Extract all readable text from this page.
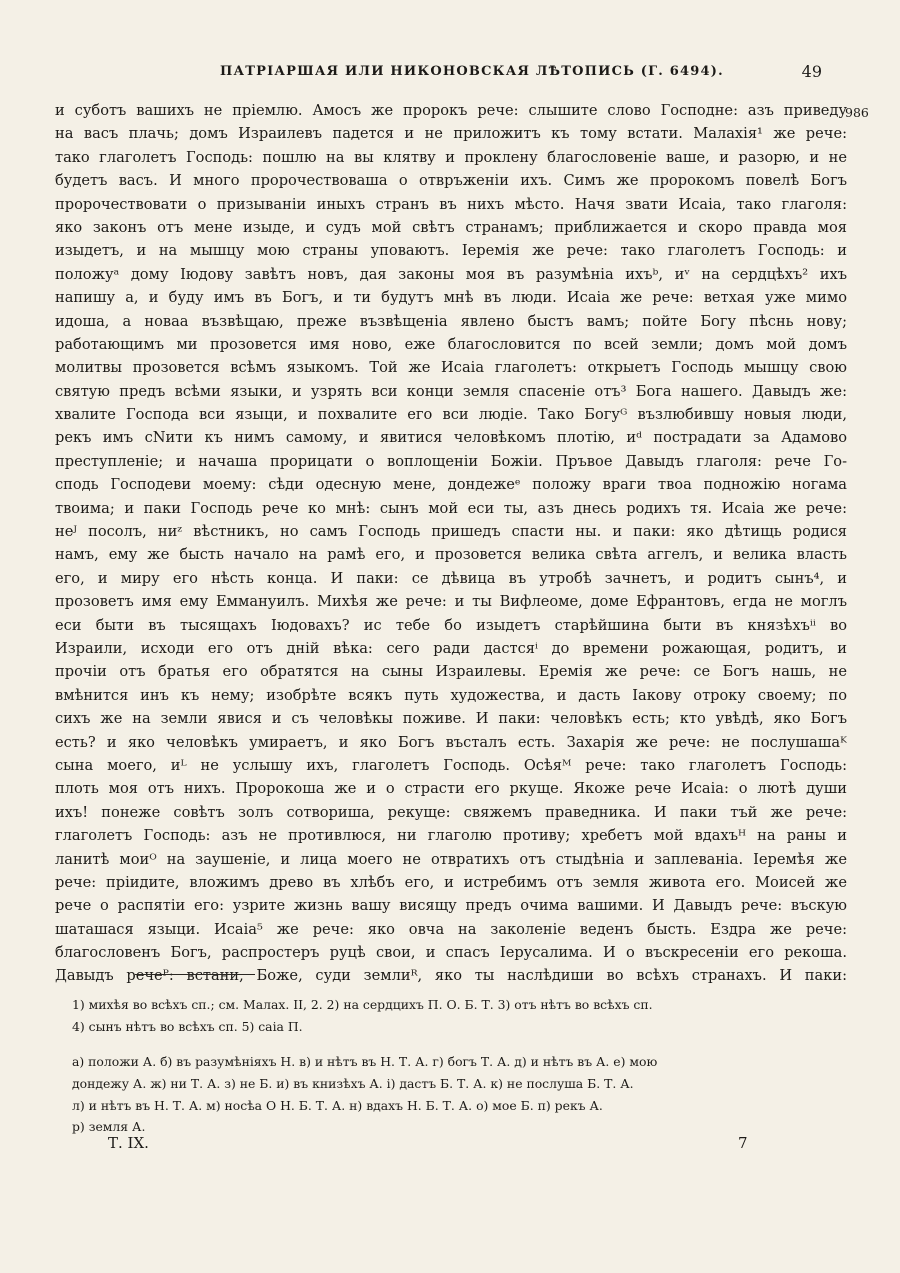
ПАТРІАРШАЯ ИЛИ НИКОНОВСКАЯ ЛѢТОПИСЬ (Г. 6494).	49
986
и суботъ вашихъ не пріемлю. Амосъ же пророкъ рече: слышите слово Господне: азъ приведу
на васъ плачь; домъ Израилевъ падется и не приложитъ къ тому встати. Малахія¹ же рече:
тако глаголетъ Господь: пошлю на вы клятву и проклену благословеніе ваше, и разорю, и не
будетъ васъ. И много пророчествоваша о отвръженіи ихъ. Симъ же пророкомъ повелѣ Богъ
пророчествовати о призываніи иныхъ странъ въ нихъ мѣсто. Начя звати Исаіа, тако глаголя:
яко законъ отъ мене изыде, и судъ мой свѣтъ странамъ; приближается и скоро правда моя
изыдетъ, и на мышцу мою страны уповаютъ. Іеремія же рече: тако глаголетъ Господь: и
положуᵃ дому Іюдову завѣтъ новъ, дая законы моя въ разумѣніа ихъᵇ, иᵛ на сердцѣхъ² ихъ
напишу а, и буду имъ въ Богъ, и ти будутъ мнѣ въ люди. Исаіа же рече: ветхая уже мимо
идоша, а новаа възвѣщаю, преже възвѣщеніа явлено быстъ вамъ; пойте Богу пѣснь нову;
работающимъ ми прозовется имя ново, еже благословится по всей земли; домъ мой домъ
молитвы прозовется всѣмъ языкомъ. Той же Исаіа глаголетъ: открыетъ Господь мышцу свою
святую предъ всѣми языки, и узрять вси конци земля спасеніе отъ³ Бога нашего. Давыдъ же:
хвалите Господа вси языци, и похвалите его вси людіе. Тако Богуᴳ възлюбившу новыя люди,
рекъ имъ сNити къ нимъ самому, и явитися человѣкомъ плотію, иᵈ пострадати за Адамово
преступленіе; и начаша прорицати о воплощеніи Божіи. Пръвое Давыдъ глаголя: рече Го-
сподь Господеви моему: сѣди одесную мене, дондежеᵉ положу враги твоа подножію ногама
твоима; и паки Господь рече ко мнѣ: сынъ мой еси ты, азъ днесь родихъ тя. Исаіа же рече:
неᴶ посолъ, ниᶻ вѣстникъ, но самъ Господь пришедъ спасти ны. и паки: яко дѣтищь родися
намъ, ему же бысть начало на рамѣ его, и прозовется велика свѣта аггелъ, и велика власть
его, и миру его нѣсть конца. И паки: се дѣвица въ утробѣ зачнетъ, и родитъ сынъ⁴, и
прозоветъ имя ему Еммануилъ. Михѣя же рече: и ты Вифлеоме, доме Ефрантовъ, егда не моглъ
еси быти въ тысящахъ Іюдовахъ? ис тебе бо изыдетъ старѣйшина быти въ князѣхъⁱⁱ во
Израили, исходи его отъ дній вѣка: сего ради дастсяⁱ до времени рожающая, родитъ, и
прочіи отъ братья его обратятся на сыны Израилевы. Еремія же рече: се Богъ нашь, не
вмѣнится инъ къ нему; изобрѣте всякъ путь художества, и дасть Іакову отроку своему; по
сихъ же на земли явися и съ человѣкы поживе. И паки: человѣкъ есть; кто увѣдѣ, яко Богъ
есть? и яко человѣкъ умираетъ, и яко Богъ въсталъ есть. Захарія же рече: не послушашаᴷ
сына моего, иᴸ не услышу ихъ, глаголетъ Господь. Осѣяᴹ рече: тако глаголетъ Господь:
плоть моя отъ нихъ. Пророкоша же и о страсти его ркуще. Якоже рече Исаіа: о лютѣ души
ихъ! понеже совѣтъ золъ сотвориша, рекуще: свяжемъ праведника. И паки тъй же рече:
глаголетъ Господь: азъ не противлюся, ни глаголю противу; хребетъ мой вдахъᴴ на раны и
ланитѣ моиᴼ на заушеніе, и лица моего не отвратихъ отъ стыдѣніа и заплеваніа. Іеремѣя же
рече: пріидите, вложимъ древо въ хлѣбъ его, и истребимъ отъ земля живота его. Моисей же
рече о распятіи его: узрите жизнь вашу висящу предъ очима вашими. И Давыдъ рече: въскую
шаташася языци. Исаіа⁵ же рече: яко овча на заколеніе веденъ бысть. Ездра же рече:
благословенъ Богъ, распростеръ руцѣ свои, и спасъ Іерусалима. И о въскресеніи его рекоша.
Давыдъ речеᴾ: встани, Боже, суди землиᴿ, яко ты наслѣдиши во всѣхъ странахъ. И паки:
1) михѣя во всѣхъ сп.; см. Малах. II, 2. 2) на сердцихъ П. О. Б. Т. 3) отъ нѣтъ во всѣхъ сп.
4) сынъ нѣтъ во всѣхъ сп. 5) саіа П.
а) положи А. б) въ разумѣніяхъ Н. в) и нѣтъ въ Н. Т. А. г) богъ Т. А. д) и нѣтъ въ А. е) мою
дондежу А. ж) ни Т. А. з) не Б. и) въ книзѣхъ А. і) дастъ Б. Т. А. к) не послуша Б. Т. А.
л) и нѣтъ въ Н. Т. А. м) носѣа О Н. Б. Т. А. н) вдахъ Н. Б. Т. А. о) мое Б. п) рекъ А.
р) земля А.
Т. IX.	7
